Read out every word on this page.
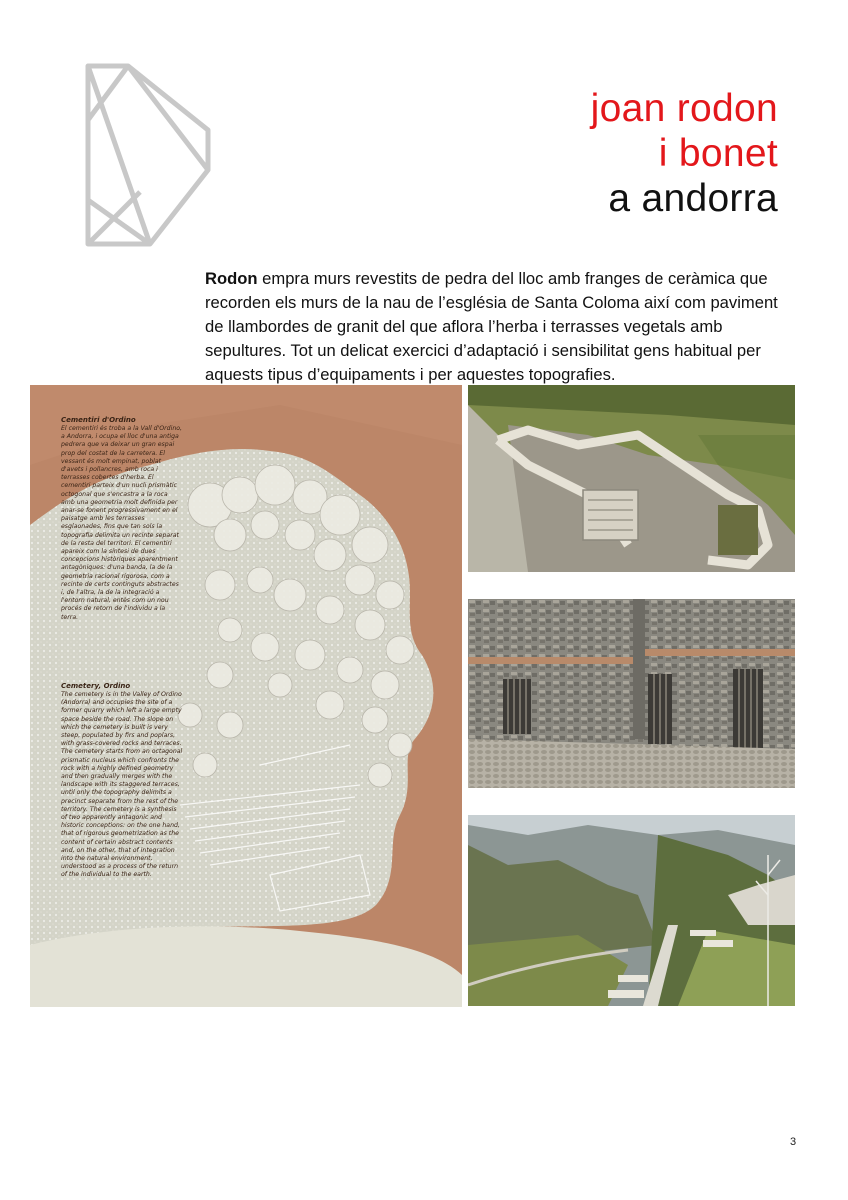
joan rodon
i bonet
a andorra

Rodon empra murs revestits de pedra del lloc amb franges de ceràmica que recorden els murs de la nau de l’església de Santa Coloma així com paviment de llambordes de granit del que aflora l’herba i terrasses vegetals amb sepultures. Tot un delicat exercici d’adaptació i sensibilitat gens habitual per aquests tipus d’equipaments i per aquestes topografies.

Cementiri d'Ordino
El cementiri és troba a la Vall d'Ordino, a Andorra, i ocupa el lloc d'una antiga pedrera que va deixar un gran espai prop del costat de la carretera. El vessant és molt empinat, poblat d'avets i pollancres, amb roca i terrasses cobertes d'herba. El cementiri parteix d'un nucli prismàtic octogonal que s'encastra a la roca amb una geometria molt definida per anar-se fonent progressivament en el paisatge amb les terrasses esglaonades, fins que tan sols la topografia delimita un recinte separat de la resta del territori. El cementiri apareix com la síntesi de dues concepcions històriques aparentment antagòniques: d'una banda, la de la geometria racional rigorosa, com a recinte de certs continguts abstractes i, de l'altra, la de la integració a l'entorn natural, entès com un nou procés de retorn de l'individu a la terra.
Cemetery, Ordino
The cemetery is in the Valley of Ordino (Andorra) and occupies the site of a former quarry which left a large empty space beside the road. The slope on which the cemetery is built is very steep, populated by firs and poplars, with grass-covered rocks and terraces. The cemetery starts from an octagonal prismatic nucleus which confronts the rock with a highly defined geometry and then gradually merges with the landscape with its staggered terraces, until only the topography delimits a precinct separate from the rest of the territory. The cemetery is a synthesis of two apparently antagonic and historic conceptions: on the one hand, that of rigorous geometrization as the content of certain abstract contents and, on the other, that of integration into the natural environment, understood as a process of the return of the individual to the earth.
3
